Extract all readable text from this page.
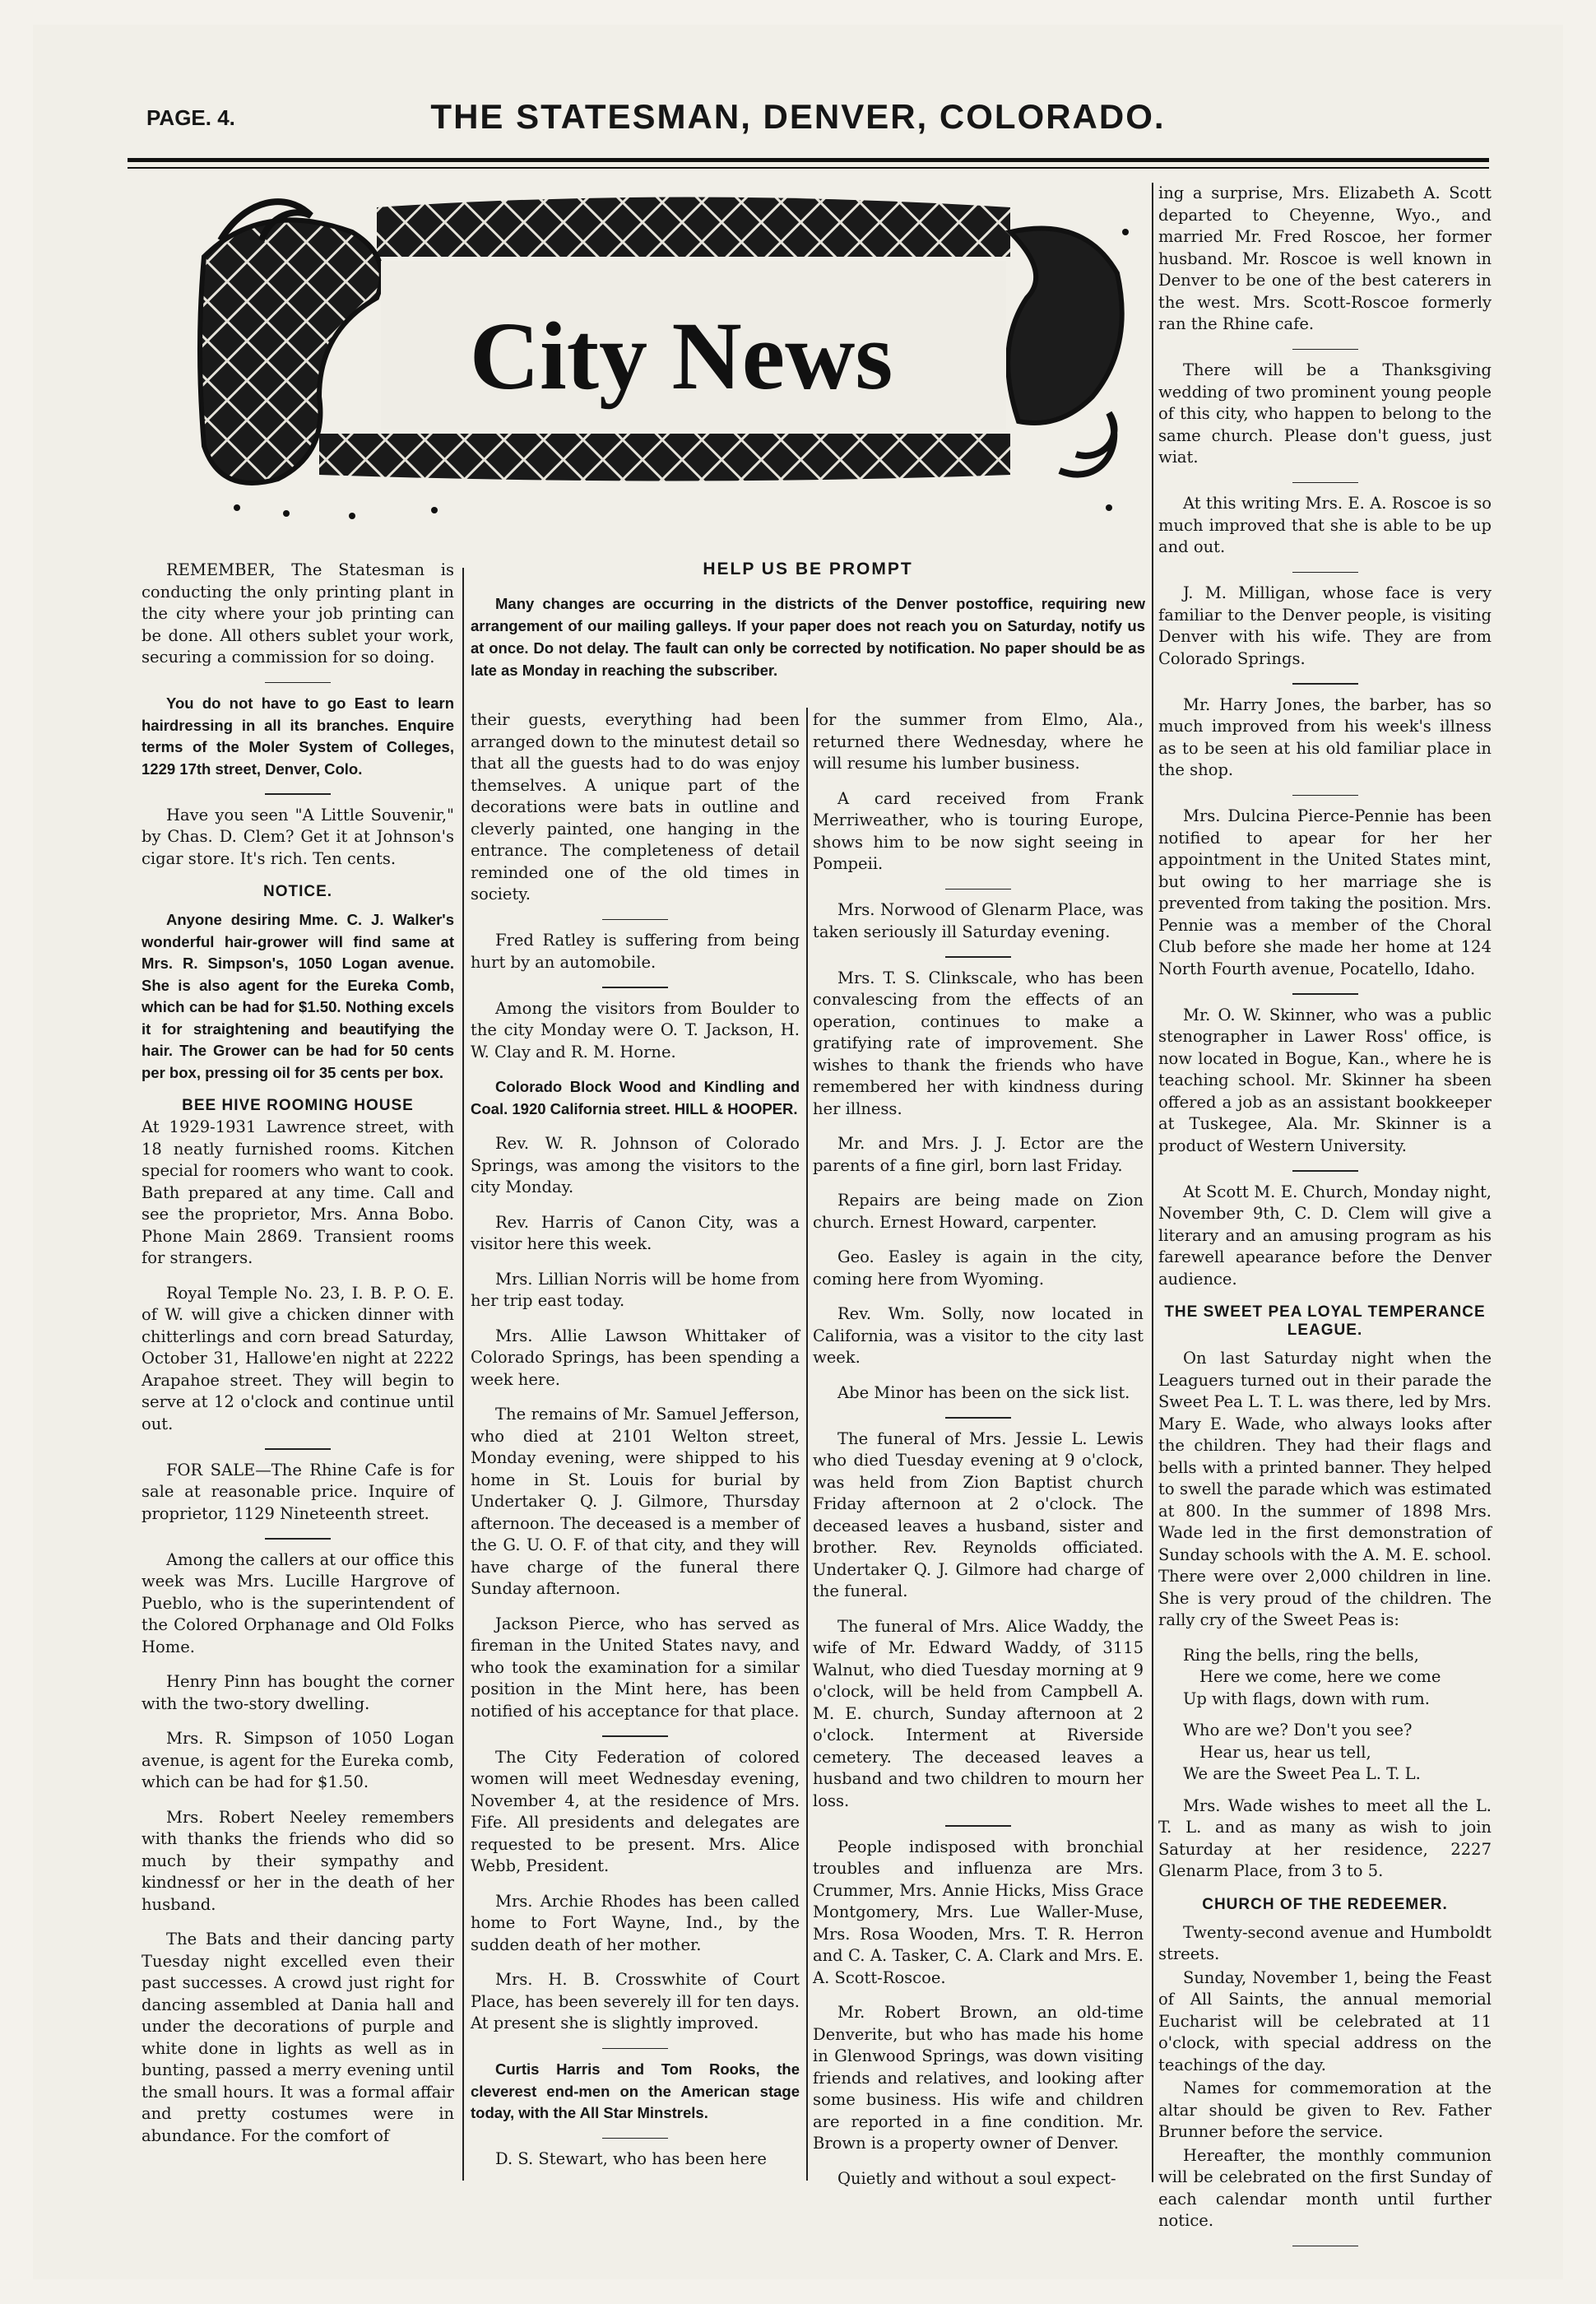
PAGE. 4.	THE STATESMAN, DENVER, COLORADO.
City News
HELP US BE PROMPT

Many changes are occurring in the districts of the Denver postoffice, requiring new arrangement of our mailing galleys. If your paper does not reach you on Saturday, notify us at once. Do not delay. The fault can only be corrected by notification. No paper should be as late as Monday in reaching the subscriber.

REMEMBER, The Statesman is conducting the only printing plant in the city where your job printing can be done. All others sublet your work, securing a commission for so doing.

You do not have to go East to learn hairdressing in all its branches. Enquire terms of the Moler System of Colleges, 1229 17th street, Denver, Colo.

Have you seen "A Little Souvenir," by Chas. D. Clem? Get it at Johnson's cigar store. It's rich. Ten cents.

NOTICE.

Anyone desiring Mme. C. J. Walker's wonderful hair-grower will find same at Mrs. R. Simpson's, 1050 Logan avenue. She is also agent for the Eureka Comb, which can be had for $1.50. Nothing excels it for straightening and beautifying the hair. The Grower can be had for 50 cents per box, pressing oil for 35 cents per box.

BEE HIVE ROOMING HOUSE

At 1929-1931 Lawrence street, with 18 neatly furnished rooms. Kitchen special for roomers who want to cook. Bath prepared at any time. Call and see the proprietor, Mrs. Anna Bobo. Phone Main 2869. Transient rooms for strangers.

Royal Temple No. 23, I. B. P. O. E. of W. will give a chicken dinner with chitterlings and corn bread Saturday, October 31, Hallowe'en night at 2222 Arapahoe street. They will begin to serve at 12 o'clock and continue until out.

FOR SALE—The Rhine Cafe is for sale at reasonable price. Inquire of proprietor, 1129 Nineteenth street.

Among the callers at our office this week was Mrs. Lucille Hargrove of Pueblo, who is the superintendent of the Colored Orphanage and Old Folks Home.

Henry Pinn has bought the corner with the two-story dwelling.

Mrs. R. Simpson of 1050 Logan avenue, is agent for the Eureka comb, which can be had for $1.50.

Mrs. Robert Neeley remembers with thanks the friends who did so much by their sympathy and kindnessf or her in the death of her husband.

The Bats and their dancing party Tuesday night excelled even their past successes. A crowd just right for dancing assembled at Dania hall and under the decorations of purple and white done in lights as well as in bunting, passed a merry evening until the small hours. It was a formal affair and pretty costumes were in abundance. For the comfort of

their guests, everything had been arranged down to the minutest detail so that all the guests had to do was enjoy themselves. A unique part of the decorations were bats in outline and cleverly painted, one hanging in the entrance. The completeness of detail reminded one of the old times in society.

Fred Ratley is suffering from being hurt by an automobile.

Among the visitors from Boulder to the city Monday were O. T. Jackson, H. W. Clay and R. M. Horne.

Colorado Block Wood and Kindling and Coal. 1920 California street. HILL & HOOPER.

Rev. W. R. Johnson of Colorado Springs, was among the visitors to the city Monday.

Rev. Harris of Canon City, was a visitor here this week.

Mrs. Lillian Norris will be home from her trip east today.

Mrs. Allie Lawson Whittaker of Colorado Springs, has been spending a week here.

The remains of Mr. Samuel Jefferson, who died at 2101 Welton street, Monday evening, were shipped to his home in St. Louis for burial by Undertaker Q. J. Gilmore, Thursday afternoon. The deceased is a member of the G. U. O. F. of that city, and they will have charge of the funeral there Sunday afternoon.

Jackson Pierce, who has served as fireman in the United States navy, and who took the examination for a similar position in the Mint here, has been notified of his acceptance for that place.

The City Federation of colored women will meet Wednesday evening, November 4, at the residence of Mrs. Fife. All presidents and delegates are requested to be present. Mrs. Alice Webb, President.

Mrs. Archie Rhodes has been called home to Fort Wayne, Ind., by the sudden death of her mother.

Mrs. H. B. Crosswhite of Court Place, has been severely ill for ten days. At present she is slightly improved.

Curtis Harris and Tom Rooks, the cleverest end-men on the American stage today, with the All Star Minstrels.

D. S. Stewart, who has been here

for the summer from Elmo, Ala., returned there Wednesday, where he will resume his lumber business.

A card received from Frank Merriweather, who is touring Europe, shows him to be now sight seeing in Pompeii.

Mrs. Norwood of Glenarm Place, was taken seriously ill Saturday evening.

Mrs. T. S. Clinkscale, who has been convalescing from the effects of an operation, continues to make a gratifying rate of improvement. She wishes to thank the friends who have remembered her with kindness during her illness.

Mr. and Mrs. J. J. Ector are the parents of a fine girl, born last Friday.

Repairs are being made on Zion church. Ernest Howard, carpenter.

Geo. Easley is again in the city, coming here from Wyoming.

Rev. Wm. Solly, now located in California, was a visitor to the city last week.

Abe Minor has been on the sick list.

The funeral of Mrs. Jessie L. Lewis who died Tuesday evening at 9 o'clock, was held from Zion Baptist church Friday afternoon at 2 o'clock. The deceased leaves a husband, sister and brother. Rev. Reynolds officiated. Undertaker Q. J. Gilmore had charge of the funeral.

The funeral of Mrs. Alice Waddy, the wife of Mr. Edward Waddy, of 3115 Walnut, who died Tuesday morning at 9 o'clock, will be held from Campbell A. M. E. church, Sunday afternoon at 2 o'clock. Interment at Riverside cemetery. The deceased leaves a husband and two children to mourn her loss.

People indisposed with bronchial troubles and influenza are Mrs. Crummer, Mrs. Annie Hicks, Miss Grace Montgomery, Mrs. Lue Waller-Muse, Mrs. Rosa Wooden, Mrs. T. R. Herron and C. A. Tasker, C. A. Clark and Mrs. E. A. Scott-Roscoe.

Mr. Robert Brown, an old-time Denverite, but who has made his home in Glenwood Springs, was down visiting friends and relatives, and looking after some business. His wife and children are reported in a fine condition. Mr. Brown is a property owner of Denver.

Quietly and without a soul expect-

ing a surprise, Mrs. Elizabeth A. Scott departed to Cheyenne, Wyo., and married Mr. Fred Roscoe, her former husband. Mr. Roscoe is well known in Denver to be one of the best caterers in the west. Mrs. Scott-Roscoe formerly ran the Rhine cafe.

There will be a Thanksgiving wedding of two prominent young people of this city, who happen to belong to the same church. Please don't guess, just wiat.

At this writing Mrs. E. A. Roscoe is so much improved that she is able to be up and out.

J. M. Milligan, whose face is very familiar to the Denver people, is visiting Denver with his wife. They are from Colorado Springs.

Mr. Harry Jones, the barber, has so much improved from his week's illness as to be seen at his old familiar place in the shop.

Mrs. Dulcina Pierce-Pennie has been notified to apear for her her appointment in the United States mint, but owing to her marriage she is prevented from taking the position. Mrs. Pennie was a member of the Choral Club before she made her home at 124 North Fourth avenue, Pocatello, Idaho.

Mr. O. W. Skinner, who was a public stenographer in Lawer Ross' office, is now located in Bogue, Kan., where he is teaching school. Mr. Skinner ha sbeen offered a job as an assistant bookkeeper at Tuskegee, Ala. Mr. Skinner is a product of Western University.

At Scott M. E. Church, Monday night, November 9th, C. D. Clem will give a literary and an amusing program as his farewell apearance before the Denver audience.

THE SWEET PEA LOYAL TEMPERANCE LEAGUE.

On last Saturday night when the Leaguers turned out in their parade the Sweet Pea L. T. L. was there, led by Mrs. Mary E. Wade, who always looks after the children. They had their flags and bells with a printed banner. They helped to swell the parade which was estimated at 800. In the summer of 1898 Mrs. Wade led in the first demonstration of Sunday schools with the A. M. E. school. There were over 2,000 children in line. She is very proud of the children. The rally cry of the Sweet Peas is:

Ring the bells, ring the bells,

Here we come, here we come

Up with flags, down with rum.

Who are we? Don't you see?

Hear us, hear us tell,

We are the Sweet Pea L. T. L.

Mrs. Wade wishes to meet all the L. T. L. and as many as wish to join Saturday at her residence, 2227 Glenarm Place, from 3 to 5.

CHURCH OF THE REDEEMER.

Twenty-second avenue and Humboldt streets.

Sunday, November 1, being the Feast of All Saints, the annual memorial Eucharist will be celebrated at 11 o'clock, with special address on the teachings of the day.

Names for commemoration at the altar should be given to Rev. Father Brunner before the service.

Hereafter, the monthly communion will be celebrated on the first Sunday of each calendar month until further notice.
